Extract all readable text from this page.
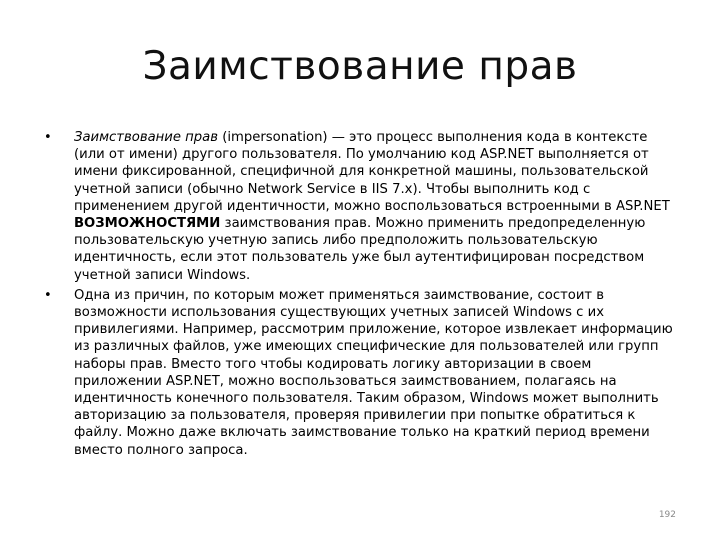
Заимствование прав
•	Заимствование прав (impersonation) — это процесс выполнения кода в контексте (или от имени) другого пользователя. По умолчанию код ASP.NET выполняется от имени фиксированной, специфичной для конкретной машины, пользовательской учетной записи (обычно Network Service в IIS 7.x). Чтобы выполнить код с применением другой идентичности, можно воспользоваться встроенными в ASP.NET ВОЗМОЖНОСТЯМИ заимствования прав. Можно применить предопределенную пользовательскую учетную запись либо предположить пользовательскую идентичность, если этот пользователь уже был аутентифицирован посредством учетной записи Windows.
•	Одна из причин, по которым может применяться заимствование, состоит в возможности использования существующих учетных записей Windows с их привилегиями. Например, рассмотрим приложение, которое извлекает информацию из различных файлов, уже имеющих специфические для пользователей или групп наборы прав. Вместо того чтобы кодировать логику авторизации в своем приложении ASP.NET, можно воспользоваться заимствованием, полагаясь на идентичность конечного пользователя. Таким образом, Windows может выполнить авторизацию за пользователя, проверяя привилегии при попытке обратиться к файлу. Можно даже включать заимствование только на краткий период времени вместо полного запроса.
192
